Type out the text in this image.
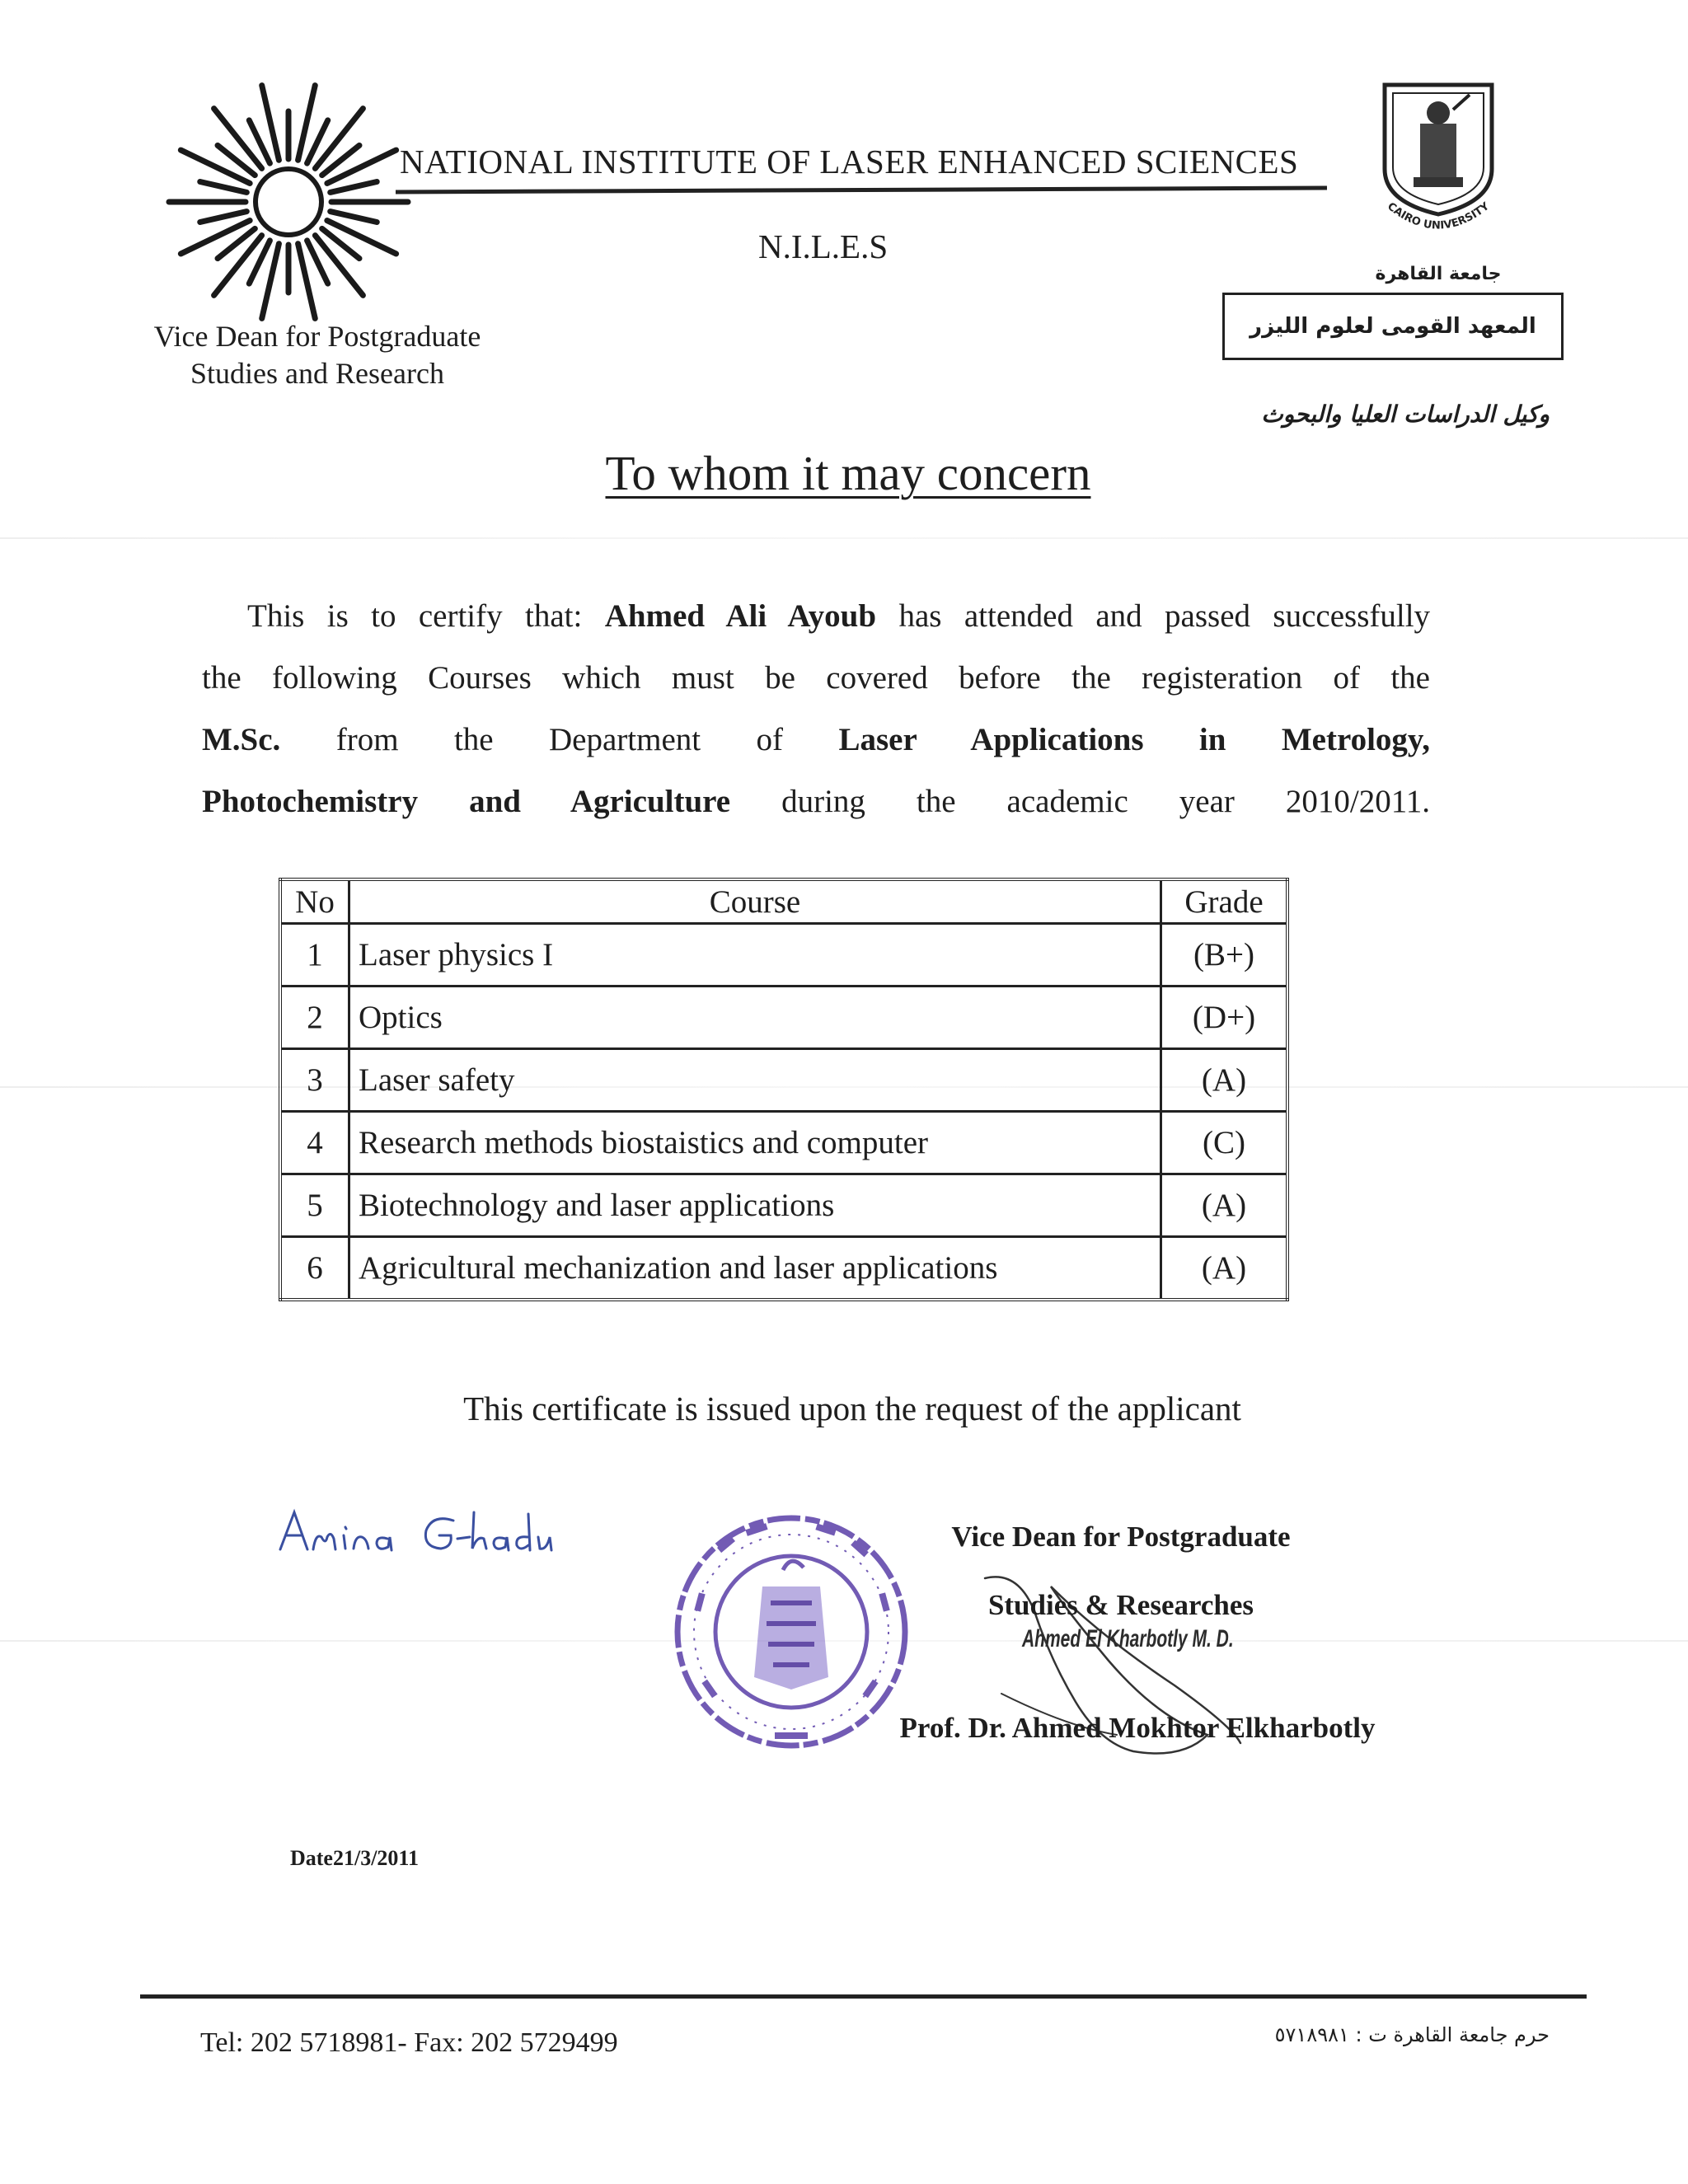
NATIONAL INSTITUTE OF LASER ENHANCED SCIENCES
N.I.L.E.S
Vice Dean for Postgraduate
Studies and Research
CAIRO UNIVERSITY
جامعة القاهرة
المعهد القومى لعلوم الليزر
وكيل الدراسات العليا والبحوث
To whom it may concern
This is to certify that: Ahmed Ali Ayoub has attended and passed successfully
the following Courses which must be covered before the registeration of the
M.Sc. from the Department of Laser Applications in Metrology,
Photochemistry and Agriculture during the academic year 2010/2011.
No	Course	Grade
1	Laser physics I	(B+)
2	Optics	(D+)
3	Laser safety	(A)
4	Research methods biostaistics and computer	(C)
5	Biotechnology and laser applications	(A)
6	Agricultural mechanization and laser applications	(A)
This certificate is issued upon the request of the applicant
Vice Dean for Postgraduate
Studies & Researches
Ahmed El Kharbotly M. D.
Prof. Dr. Ahmed Mokhtor Elkharbotly
Date21/3/2011
Tel: 202 5718981- Fax: 202 5729499	حرم جامعة القاهرة ت : ٥٧١٨٩٨١
